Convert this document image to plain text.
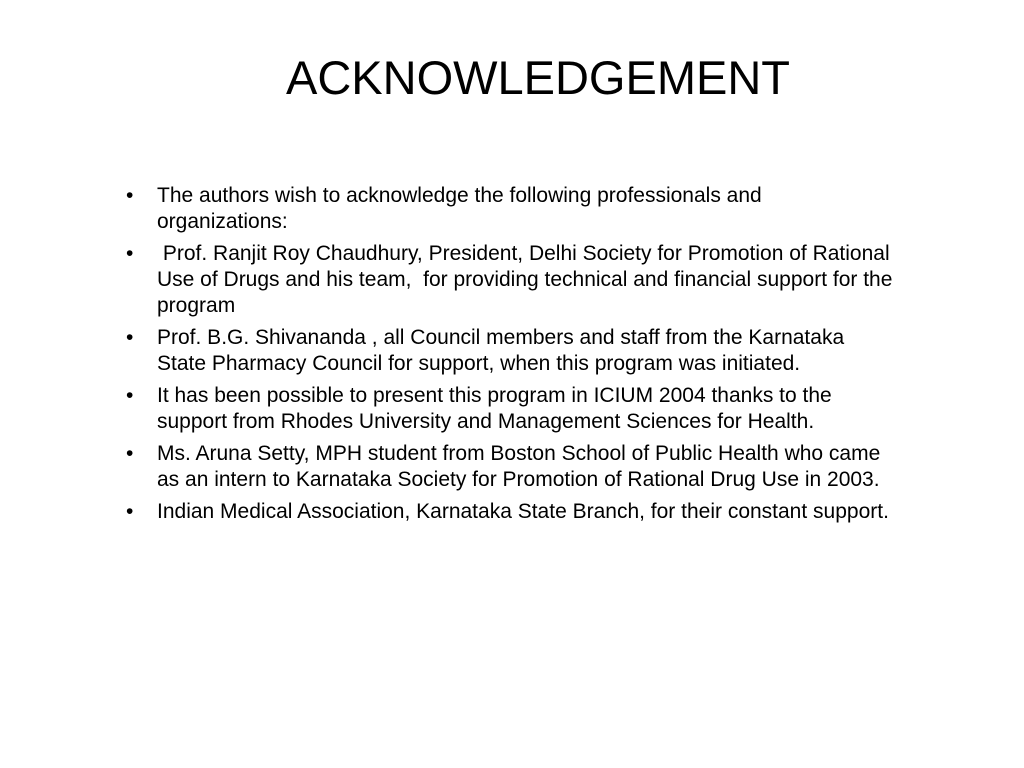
ACKNOWLEDGEMENT
•	The authors wish to acknowledge the following professionals and organizations:
•	Prof. Ranjit Roy Chaudhury, President, Delhi Society for Promotion of Rational Use of Drugs and his team,  for providing technical and financial support for the program
•	Prof. B.G. Shivananda , all Council members and staff from the Karnataka State Pharmacy Council for support, when this program was initiated.
•	It has been possible to present this program in ICIUM 2004 thanks to the support from Rhodes University and Management Sciences for Health.
•	Ms. Aruna Setty, MPH student from Boston School of Public Health who came as an intern to Karnataka Society for Promotion of Rational Drug Use in 2003.
•	Indian Medical Association, Karnataka State Branch, for their constant support.
